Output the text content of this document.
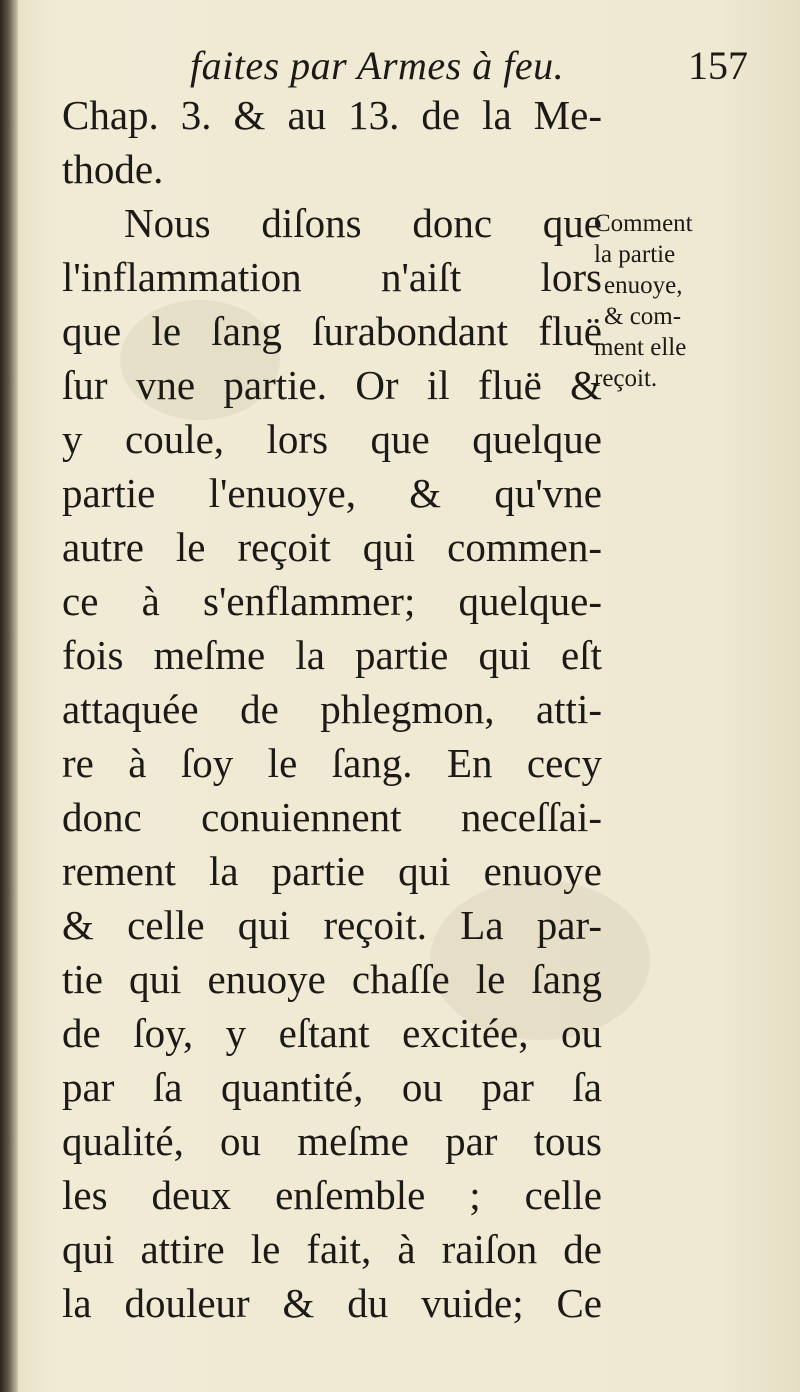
faites par Armes à feu.	157
Chap. 3. & au 13. de la Me-
thode.
Nous diſons donc que
l'inflammation n'aiſt lors
que le ſang ſurabondant fluë
ſur vne partie. Or il fluë &
y coule, lors que quelque
partie l'enuoye, & qu'vne
autre le reçoit qui commen-
ce à s'enflammer; quelque-
fois meſme la partie qui eſt
attaquée de phlegmon, atti-
re à ſoy le ſang. En cecy
donc conuiennent neceſſai-
rement la partie qui enuoye
& celle qui reçoit. La par-
tie qui enuoye chaſſe le ſang
de ſoy, y eſtant excitée, ou
par ſa quantité, ou par ſa
qualité, ou meſme par tous
les deux enſemble ; celle
qui attire le fait, à raiſon de
la douleur & du vuide; Ce
Comment
la partie
enuoye,
& com-
ment elle
reçoit.
